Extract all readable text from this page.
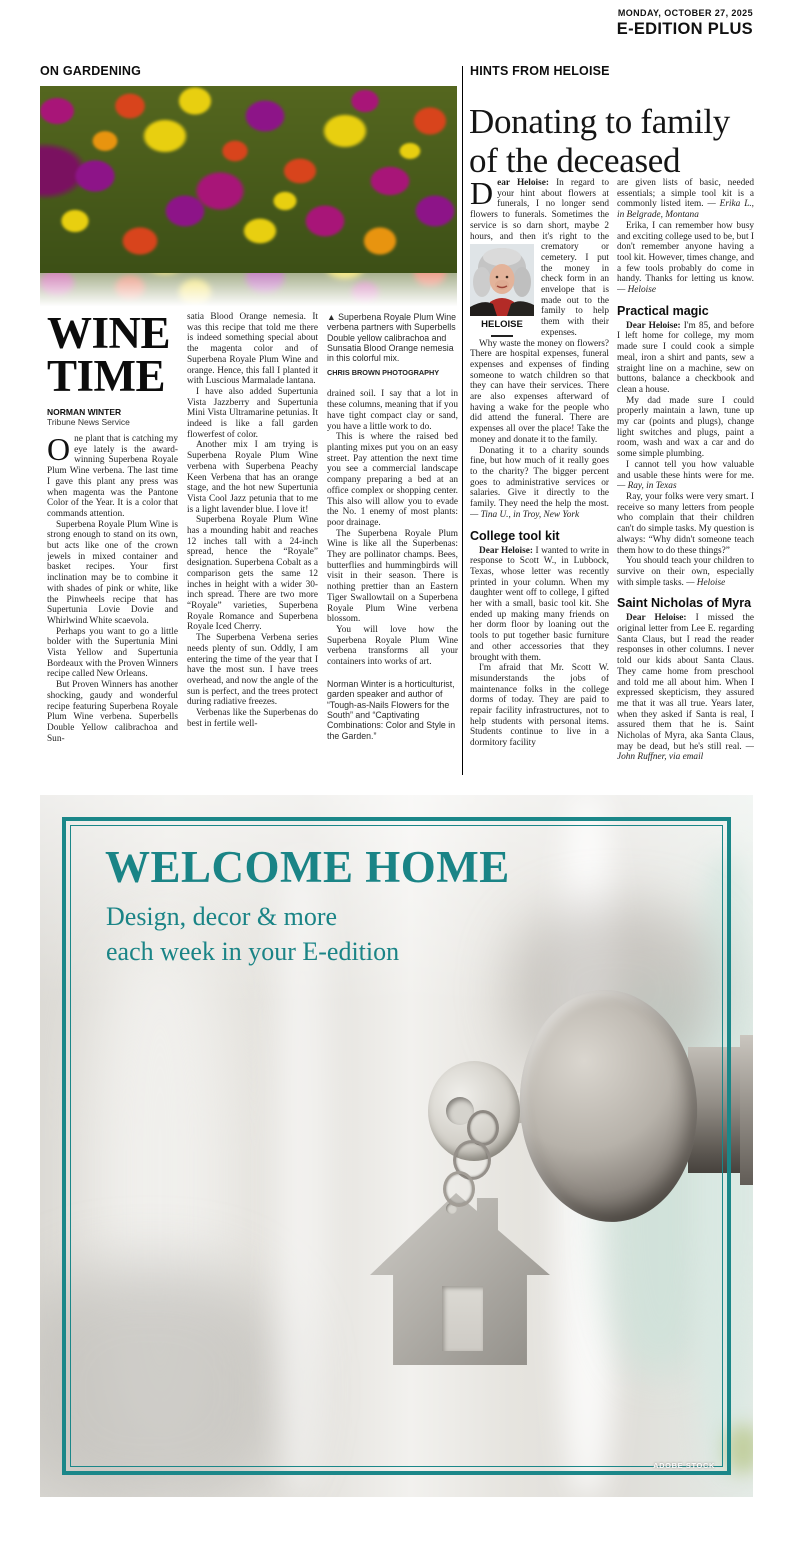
MONDAY, OCTOBER 27, 2025
E-EDITION PLUS
ON GARDENING
WINE
TIME
NORMAN WINTER
Tribune News Service

One plant that is catching my eye lately is the award-winning Superbena Royale Plum Wine verbena. The last time I gave this plant any press was when magenta was the Pantone Color of the Year. It is a color that commands attention.

Superbena Royale Plum Wine is strong enough to stand on its own, but acts like one of the crown jewels in mixed container and basket recipes. Your first inclination may be to combine it with shades of pink or white, like the Pinwheels recipe that has Supertunia Lovie Dovie and Whirlwind White scaevola.

Perhaps you want to go a little bolder with the Supertunia Mini Vista Yellow and Supertunia Bordeaux with the Proven Winners recipe called New Orleans.

But Proven Winners has another shocking, gaudy and wonderful recipe featuring Superbena Royale Plum Wine verbena. Superbells Double Yellow calibrachoa and Sun-

satia Blood Orange nemesia. It was this recipe that told me there is indeed something special about the magenta color and of Superbena Royale Plum Wine and orange. Hence, this fall I planted it with Luscious Marmalade lantana.

I have also added Supertunia Vista Jazzberry and Supertunia Mini Vista Ultramarine petunias. It indeed is like a fall garden flowerfest of color.

Another mix I am trying is Superbena Royale Plum Wine verbena with Superbena Peachy Keen Verbena that has an orange stage, and the hot new Supertunia Vista Cool Jazz petunia that to me is a light lavender blue. I love it!

Superbena Royale Plum Wine has a mounding habit and reaches 12 inches tall with a 24-inch spread, hence the “Royale” designation. Superbena Cobalt as a comparison gets the same 12 inches in height with a wider 30-inch spread. There are two more “Royale” varieties, Superbena Royale Romance and Superbena Royale Iced Cherry.

The Superbena Verbena series needs plenty of sun. Oddly, I am entering the time of the year that I have the most sun. I have trees overhead, and now the angle of the sun is perfect, and the trees protect during radiative freezes.

Verbenas like the Superbenas do best in fertile well-

▲ Superbena Royale Plum Wine verbena partners with Superbells Double yellow calibrachoa and Sunsatia Blood Orange nemesia in this colorful mix.
CHRIS BROWN PHOTOGRAPHY

drained soil. I say that a lot in these columns, meaning that if you have tight compact clay or sand, you have a little work to do.

This is where the raised bed planting mixes put you on an easy street. Pay attention the next time you see a commercial landscape company preparing a bed at an office complex or shopping center. This also will allow you to evade the No. 1 enemy of most plants: poor drainage.

The Superbena Royale Plum Wine is like all the Superbenas: They are pollinator champs. Bees, butterflies and hummingbirds will visit in their season. There is nothing prettier than an Eastern Tiger Swallowtail on a Superbena Royale Plum Wine verbena blossom.

You will love how the Superbena Royale Plum Wine verbena transforms all your containers into works of art.

Norman Winter is a horticulturist, garden speaker and author of “Tough-as-Nails Flowers for the South” and “Captivating Combinations: Color and Style in the Garden.”
HINTS FROM HELOISE
Donating to family
of the deceased

Dear Heloise: In regard to your hint about flowers at funerals, I no longer send flowers to funerals. Sometimes the service is so darn short, maybe 2 hours, and then it's right
HELOISE
to the crematory or cemetery. I put the money in check form in an envelope that is made out to the family to help them with their expenses.

Why waste the money on flowers? There are hospital expenses, funeral expenses and expenses of finding someone to watch children so that they can have their services. There are also expenses afterward of having a wake for the people who did attend the funeral. There are expenses all over the place! Take the money and donate it to the family.

Donating it to a charity sounds fine, but how much of it really goes to the charity? The bigger percent goes to administrative services or salaries. Give it directly to the family. They need the help the most. — Tina U., in Troy, New York

College tool kit

Dear Heloise: I wanted to write in response to Scott W., in Lubbock, Texas, whose letter was recently printed in your column. When my daughter went off to college, I gifted her with a small, basic tool kit. She ended up making many friends on her dorm floor by loaning out the tools to put together basic furniture and other accessories that they brought with them.

I'm afraid that Mr. Scott W. misunderstands the jobs of maintenance folks in the college dorms of today. They are paid to repair facility infrastructures, not to help students with personal items. Students continue to live in a dormitory facility

are given lists of basic, needed essentials; a simple tool kit is a commonly listed item. — Erika L., in Belgrade, Montana

Erika, I can remember how busy and exciting college used to be, but I don't remember anyone having a tool kit. However, times change, and a few tools probably do come in handy. Thanks for letting us know. — Heloise

Practical magic

Dear Heloise: I'm 85, and before I left home for college, my mom made sure I could cook a simple meal, iron a shirt and pants, sew a straight line on a machine, sew on buttons, balance a checkbook and clean a house.

My dad made sure I could properly maintain a lawn, tune up my car (points and plugs), change light switches and plugs, paint a room, wash and wax a car and do some simple plumbing.

I cannot tell you how valuable and usable these hints were for me. — Ray, in Texas

Ray, your folks were very smart. I receive so many letters from people who complain that their children can't do simple tasks. My question is always: “Why didn't someone teach them how to do these things?”

You should teach your children to survive on their own, especially with simple tasks. — Heloise

Saint Nicholas of Myra

Dear Heloise: I missed the original letter from Lee E. regarding Santa Claus, but I read the reader responses in other columns. I never told our kids about Santa Claus. They came home from preschool and told me all about him. When I expressed skepticism, they assured me that it was all true. Years later, when they asked if Santa is real, I assured them that he is. Saint Nicholas of Myra, aka Santa Claus, may be dead, but he's still real. — John Ruffner, via email

WELCOME HOME
Design, decor & more
each week in your E-edition
ADOBE STOCK
